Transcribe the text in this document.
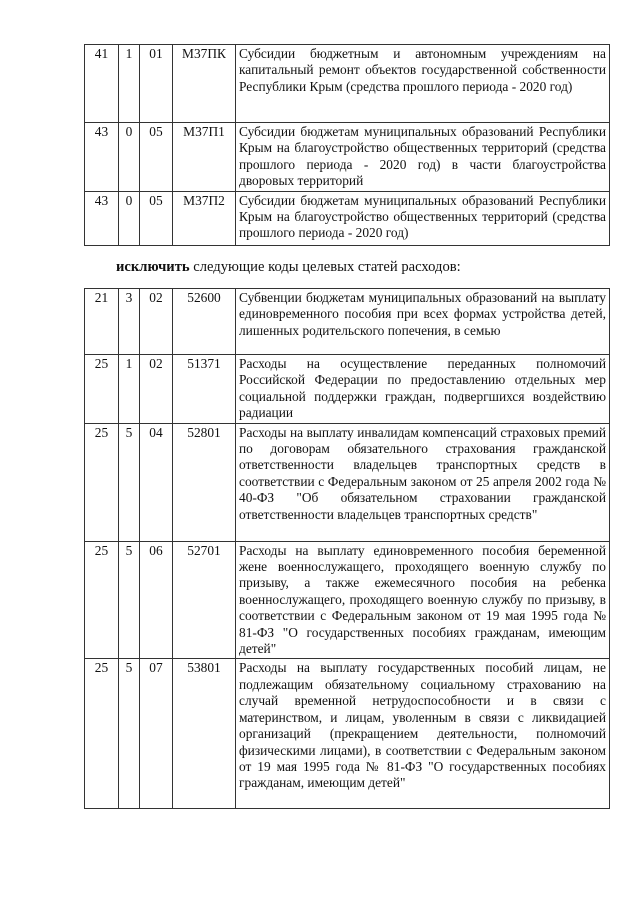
41	1	01	М37ПК	Субсидии бюджетным и автономным учреждениям на капитальный ремонт объектов государственной собственности Республики Крым (средства прошлого периода - 2020 год)
43	0	05	М37П1	Субсидии бюджетам муниципальных образований Республики Крым на благоустройство общественных территорий (средства прошлого периода - 2020 год) в части благоустройства дворовых территорий
43	0	05	М37П2	Субсидии бюджетам муниципальных образований Республики Крым на благоустройство общественных территорий (средства прошлого периода - 2020 год)
исключить следующие коды целевых статей расходов:
21	3	02	52600	Субвенции бюджетам муниципальных образований на выплату единовременного пособия при всех формах устройства детей, лишенных родительского попечения, в семью
25	1	02	51371	Расходы на осуществление переданных полномочий Российской Федерации по предоставлению отдельных мер социальной поддержки граждан, подвергшихся воздействию радиации
25	5	04	52801	Расходы на выплату инвалидам компенсаций страховых премий по договорам обязательного страхования гражданской ответственности владельцев транспортных средств в соответствии с Федеральным законом от 25 апреля 2002 года № 40-ФЗ "Об обязательном страховании гражданской ответственности владельцев транспортных средств"
25	5	06	52701	Расходы на выплату единовременного пособия беременной жене военнослужащего, проходящего военную службу по призыву, а также ежемесячного пособия на ребенка военнослужащего, проходящего военную службу по призыву, в соответствии с Федеральным законом от 19 мая 1995 года № 81-ФЗ "О государственных пособиях гражданам, имеющим детей"
25	5	07	53801	Расходы на выплату государственных пособий лицам, не подлежащим обязательному социальному страхованию на случай временной нетрудоспособности и в связи с материнством, и лицам, уволенным в связи с ликвидацией организаций (прекращением деятельности, полномочий физическими лицами), в соответствии с Федеральным законом от 19 мая 1995 года № 81-ФЗ "О государственных пособиях гражданам, имеющим детей"
